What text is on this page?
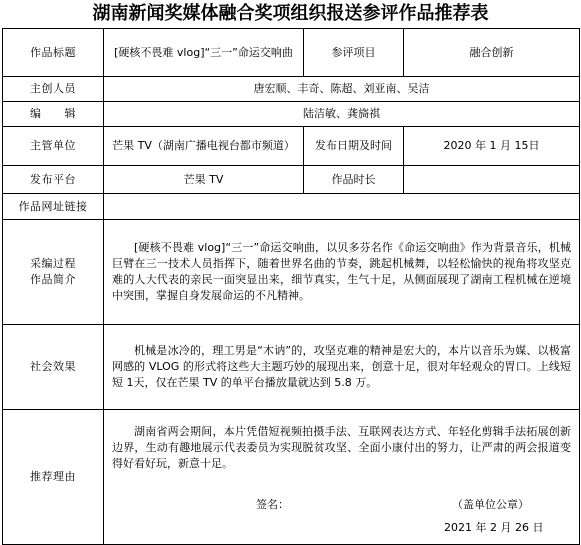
湖南新闻奖媒体融合奖项组织报送参评作品推荐表
作品标题	[硬核不畏难 vlog]“三一”命运交响曲	参评项目	融合创新
主创人员	唐宏顺、丰奇、陈超、刘亚南、吴洁		
编　　辑	陆洁敏、龚旖祺		
主管单位	芒果 TV（湖南广播电视台都市频道）	发布日期及时间	2020 年 1 月 15日
发布平台	芒果 TV	作品时长	
作品网址链接			

采编过程
作品简介	[硬核不畏难 vlog]“三一”命运交响曲，以贝多芬名作《命运交响曲》作为背景音乐，机械巨臂在三一技术人员指挥下，随着世界名曲的节奏，跳起机械舞，以轻松愉快的视角将攻坚克难的人大代表的亲民一面突显出来，细节真实，生气十足，从侧面展现了湖南工程机械在逆境中突围，掌握自身发展命运的不凡精神。		
社会效果	机械是冰冷的，理工男是“木讷”的，攻坚克难的精神是宏大的，本片以音乐为媒、以极富网感的 VLOG 的形式将这些大主题巧妙的展现出来，创意十足，很对年轻观众的胃口。上线短短 1天，仅在芒果 TV 的单平台播放量就达到 5.8 万。		
推荐理由	湖南省两会期间，本片凭借短视频拍摄手法、互联网表达方式、年轻化剪辑手法拓展创新边界，生动有趣地展示代表委员为实现脱贫攻坚、全面小康付出的努力，让严肃的两会报道变得好看好玩，新意十足。
签名： （盖单位公章）
2021 年 2 月 26 日		
